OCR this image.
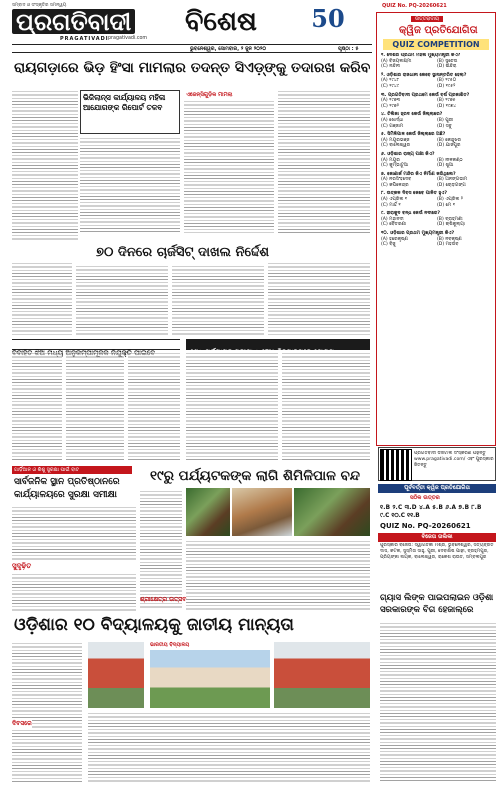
ସମ୍ବାଦ ଓ ସଂସ୍କୃତିର ସମନ୍ୱୟ
ପ୍ରଗତିବାଦୀ
PRAGATIVADI pragativadi.com
ବିଶେଷ 50
ଭୁବନେଶ୍ୱର, ସୋମବାର, ୨ ଜୁନ ୨୦୨୦	ପୃଷ୍ଠା : ୫
ରାୟଗଡ଼ାରେ ଭିଡ଼ ହିଂସା ମାମଲାର ତଦନ୍ତ ସିଏଡ଼୍ଙ୍କୁ ତଦାରଖ କରିବ
ଭିଜିଲାନ୍ସ କାର୍ଯ୍ୟାଳୟ ମହିଳା ଆଯୋଗଙ୍କ ରିପୋର୍ଟ ତଳବ
ଏଜେନ୍ସିଗୁଡ଼ିକ ମାମଲା
୭୦ ଦିନରେ ଚାର୍ଜସିଟ୍ ଦାଖଲ ନିର୍ଦ୍ଦେଶ
ଗାର୍ଡ଼ିଆନ ଓ ଶିଶୁ ସୁରକ୍ଷା ପାଇଁ ବାଟ
ସାର୍ବଜନିକ ସ୍ଥାନ ପ୍ରତିଷ୍ଠାନରେ କାର୍ଯ୍ୟାଳୟରେ ସୁରକ୍ଷା ସମୀକ୍ଷା
ସୁଦୃଢ଼ିତ
୧୯ରୁ ପର୍ଯ୍ୟଟକଙ୍କ ଲାଗି ଶିମିଳିପାଳ ବନ୍ଦ
ଶ୍ରୀକ୍ଷେତ୍ର ଉତ୍ସବ
ଓଡ଼ିଶାର ୧୦ ବିଦ୍ୟାଳୟକୁ ଜାତୀୟ ମାନ୍ୟତା
ଭାରତୀୟ ବିଦ୍ୟାଳୟ
ଦିବସରେ
QUIZ No. PQ-20260621
ଉତ୍ତରାଦାୟ
କ୍ୱିଜ ପ୍ରତିଯୋଗିତା
QUIZ COMPETITION
୧. ଦେଶର ପ୍ରଥମ ମହିଳା ମୁଖ୍ୟମନ୍ତ୍ରୀ କିଏ?
(A) ବିଜୟଲକ୍ଷ୍ମୀ	(B) ସୁଚେତା
(C) ନନ୍ଦିନୀ	(D) ଇନ୍ଦିରା
୨. ଓଡ଼ିଶାର ରାଜଧାନୀ କେବେ ସ୍ଥାନାନ୍ତରିତ ହେଲା?
(A) ୧୯୪୮	(B) ୧୯୫୦
(C) ୧୯୪୯	(D) ୧୯୫୨
୩. ପ୍ରଗତିବାଦୀ ପ୍ରଥମେ କେଉଁ ବର୍ଷ ପ୍ରକାଶିତ?
(A) ୧୯୭୩	(B) ୧୯୭୫
(C) ୧୯୭୨	(D) ୧୯୭୪
୪. ଚିଲିକା ହ୍ରଦ କେଉଁ ଜିଲ୍ଲାରେ?
(A) ଖୋର୍ଦ୍ଧା	(B) ପୁରୀ
(C) ଗଞ୍ଜାମ	(D) ସବୁ
୫. ସିମିଳିପାଳ କେଉଁ ଜିଲ୍ଲାରେ ଅଛି?
(A) ମୟୂରଭଞ୍ଜ	(B) କେନ୍ଦୁଝର
(C) ବାଲେଶ୍ୱର	(D) ଯାଜପୁର
୬. ଓଡ଼ିଶାର ରାଜ୍ୟ ପକ୍ଷୀ କିଏ?
(A) ମୟୂର	(B) ନୀଳକଣ୍ଠ
(C) କୁମ୍ଭାଟୁଆ	(D) ଶୁଆ
୭. କୋଣାର୍କ ମନ୍ଦିର କିଏ ନିର୍ମାଣ କରିଥିଲେ?
(A) ନରସିଂହଦେବ	(B) ଅନଙ୍ଗଭୀମ
(C) କପିଳେନ୍ଦ୍ର	(D) ଚୋଡ଼ଗଙ୍ଗ
୮. ଉତ୍କଳ ଦିବସ କେବେ ପାଳିତ ହୁଏ?
(A) ଏପ୍ରିଲ ୧	(B) ଏପ୍ରିଲ ୨
(C) ମାର୍ଚ୍ଚ ୧	(D) ମେ ୧
୯. ହୀରାକୁଦ ବନ୍ଧ କେଉଁ ନଦୀରେ?
(A) ମହାନଦୀ	(B) ବ୍ରାହ୍ମଣୀ
(C) ବୈତରଣୀ	(D) ଋଷିକୁଲ୍ୟା
୧୦. ଓଡ଼ିଶାର ପ୍ରଥମ ମୁଖ୍ୟମନ୍ତ୍ରୀ କିଏ?
(A) ହରେକୃଷ୍ଣ	(B) ନବକୃଷ୍ଣ
(C) ବିଜୁ	(D) ମହତାବ
ପ୍ରଗତିବାଦୀ ଡିଜିଟାଲ ସଂସ୍କରଣ ପଢ଼ନ୍ତୁ www.pragativadi.com/ ଏବଂ ପୁରସ୍କାର ଜିତନ୍ତୁ
ପୂର୍ବବର୍ତ୍ତୀ କ୍ୱିଜ ପ୍ରତିଯୋଗିତା
ସଠିକ ଉତ୍ତର
୧.B ୨.C ୩.D ୪.A ୫.B ୬.A ୭.B ୮.B
୯.C ୧୦.C ୧୧.B
QUIZ No. PQ-20260621
ବିଜେତା ତାଲିକା
ପୁରସ୍କାର ବିଜେତା: ସ୍ୱାଗତିକା ମିଶ୍ର, ଭୁବନେଶ୍ୱର, ସତ୍ୟବ୍ରତ ଦାସ, କଟକ, ସୁସ୍ମିତା ସାହୁ, ପୁରୀ, ଦେବାଶିଷ ପାଢ଼ୀ, ବ୍ରହ୍ମପୁର, ପ୍ରିୟଙ୍କା ନାୟକ, ବାଲେଶ୍ୱର, ରାକେଶ ରାଉତ, ସମ୍ବଲପୁର
ଗ୍ୟାସ ଲିଙ୍କ ପାଇପଲାଇନ ଓଡ଼ିଶା ସରକାରଙ୍କ ବିଗ ହେଜାଲ୍‌ରେ
